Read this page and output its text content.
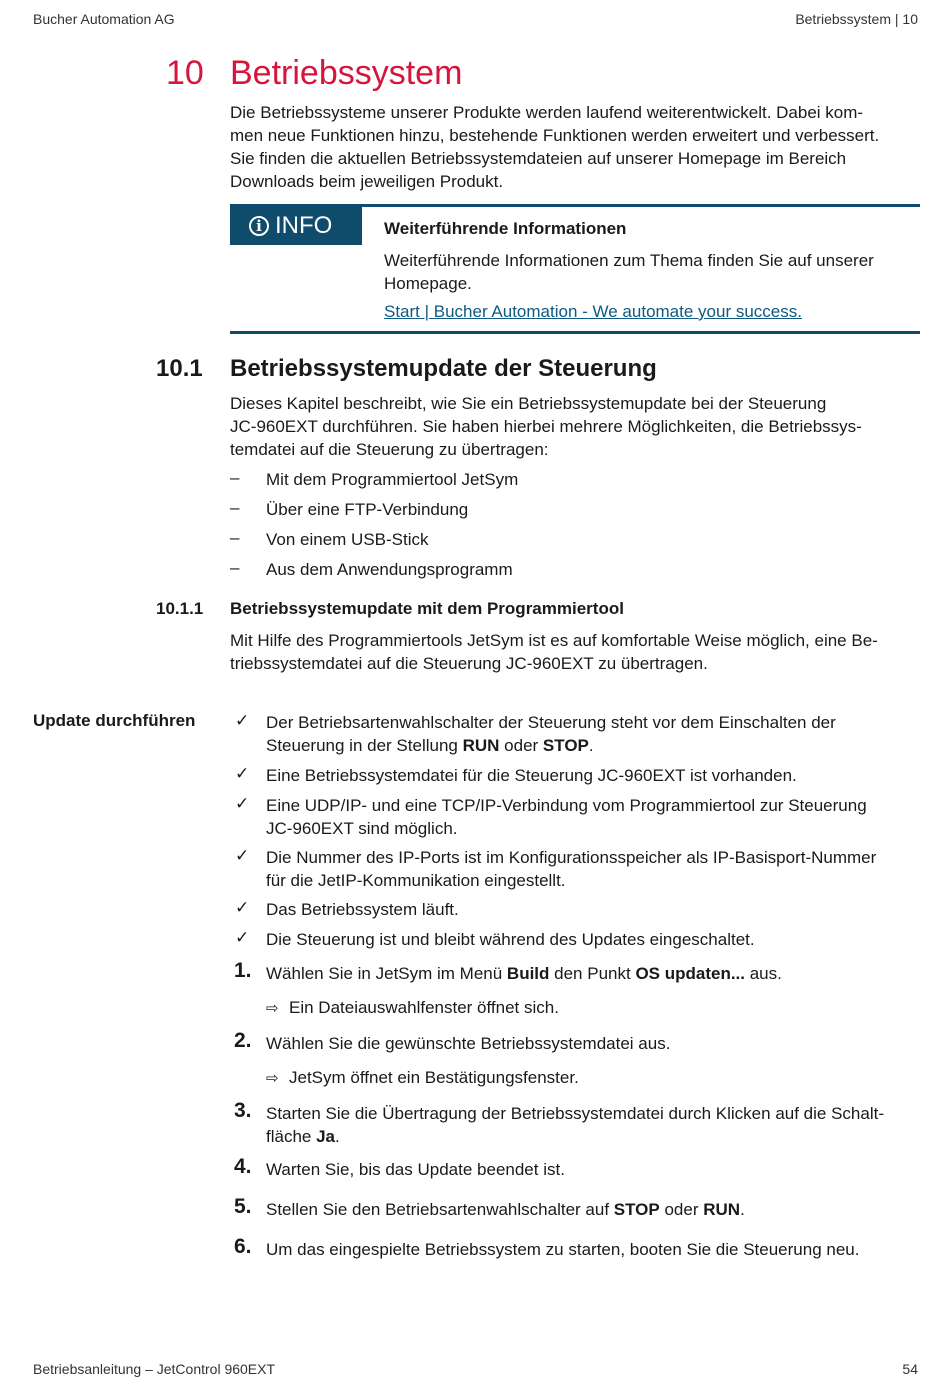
Bucher Automation AG	Betriebssystem | 10
Betriebsanleitung – JetControl 960EXT	54
10 Betriebssystem
Die Betriebssysteme unserer Produkte werden laufend weiterentwickelt. Dabei kom-
men neue Funktionen hinzu, bestehende Funktionen werden erweitert und verbessert.
Sie finden die aktuellen Betriebssystemdateien auf unserer Homepage im Bereich
Downloads beim jeweiligen Produkt.
i INFO	Weiterführende Informationen
Weiterführende Informationen zum Thema finden Sie auf unserer Homepage.
Start | Bucher Automation - We automate your success.
10.1 Betriebssystemupdate der Steuerung
Dieses Kapitel beschreibt, wie Sie ein Betriebssystemupdate bei der Steuerung
JC-960EXT durchführen. Sie haben hierbei mehrere Möglichkeiten, die Betriebssys-
temdatei auf die Steuerung zu übertragen:
– Mit dem Programmiertool JetSym
– Über eine FTP-Verbindung
– Von einem USB-Stick
– Aus dem Anwendungsprogramm
10.1.1 Betriebssystemupdate mit dem Programmiertool
Mit Hilfe des Programmiertools JetSym ist es auf komfortable Weise möglich, eine Be-
triebssystemdatei auf die Steuerung JC-960EXT zu übertragen.
Update durchführen ✓ Der Betriebsartenwahlschalter der Steuerung steht vor dem Einschalten der
Steuerung in der Stellung RUN oder STOP.
✓ Eine Betriebssystemdatei für die Steuerung JC-960EXT ist vorhanden.
✓ Eine UDP/IP- und eine TCP/IP-Verbindung vom Programmiertool zur Steuerung
JC-960EXT sind möglich.
✓ Die Nummer des IP-Ports ist im Konfigurationsspeicher als IP-Basisport-Nummer
für die JetIP-Kommunikation eingestellt.
✓ Das Betriebssystem läuft.
✓ Die Steuerung ist und bleibt während des Updates eingeschaltet.
1. Wählen Sie in JetSym im Menü Build den Punkt OS updaten... aus.
⇨ Ein Dateiauswahlfenster öffnet sich.
2. Wählen Sie die gewünschte Betriebssystemdatei aus.
⇨ JetSym öffnet ein Bestätigungsfenster.
3. Starten Sie die Übertragung der Betriebssystemdatei durch Klicken auf die Schalt-
fläche Ja.
4. Warten Sie, bis das Update beendet ist.
5. Stellen Sie den Betriebsartenwahlschalter auf STOP oder RUN.
6. Um das eingespielte Betriebssystem zu starten, booten Sie die Steuerung neu.
